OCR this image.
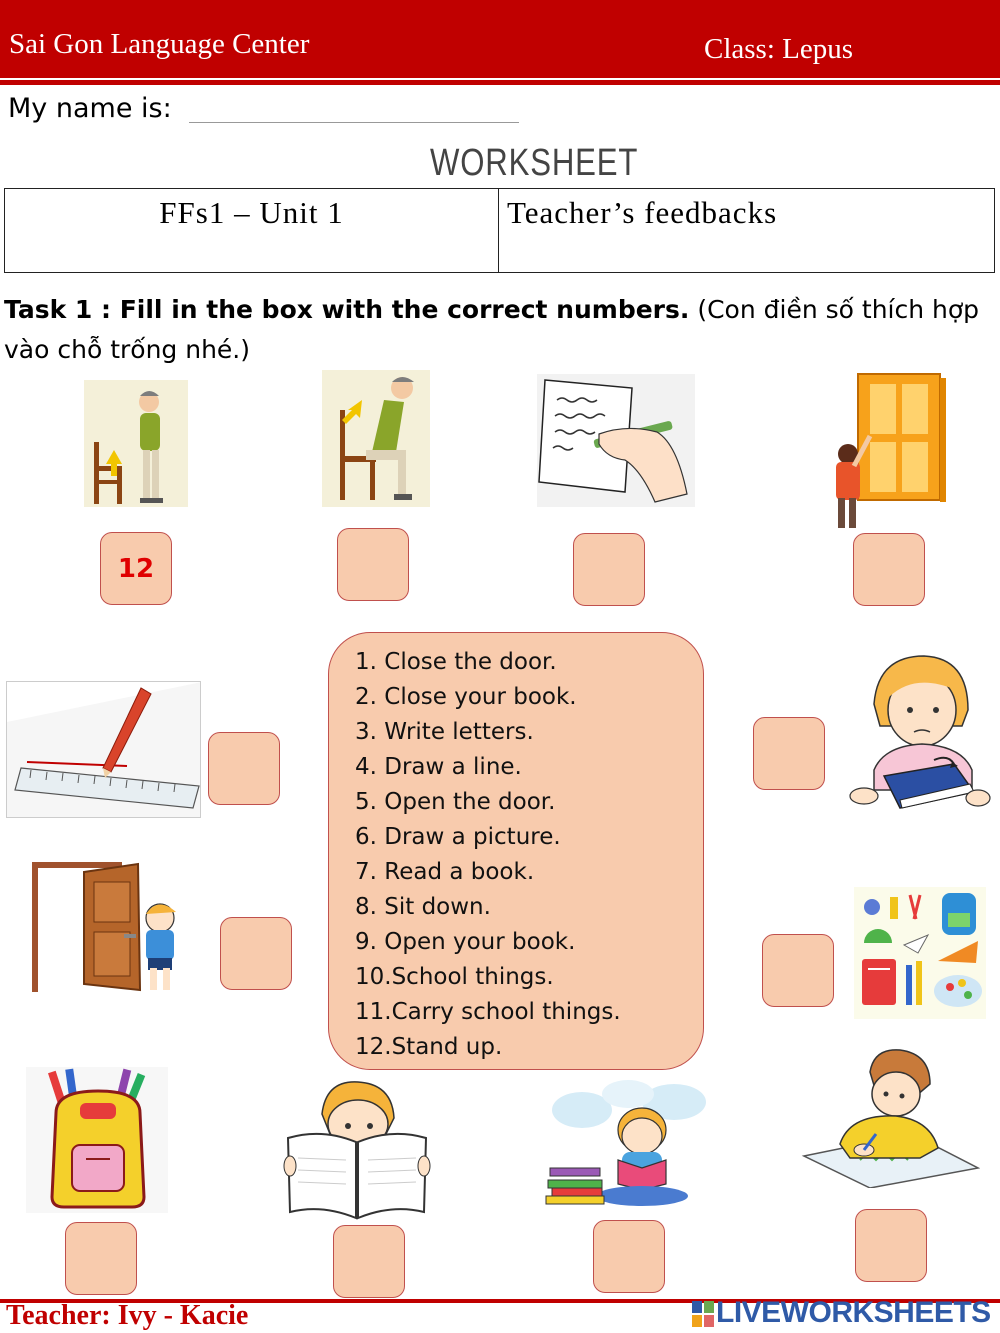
Sai Gon Language Center	Class: Lepus
My name is:
WORKSHEET
FFs1 – Unit 1	Teacher’s feedbacks
Task 1 : Fill in the box with the correct numbers. (Con điền số thích hợp vào chỗ trống nhé.)
12
1. Close the door.
2. Close your book.
3. Write letters.
4. Draw a line.
5. Open the door.
6. Draw a picture.
7. Read a book.
8. Sit down.
9. Open your book.
10.School things.
11.Carry school things.
12.Stand up.
Teacher: Ivy - Kacie	LIVEWORKSHEETS
